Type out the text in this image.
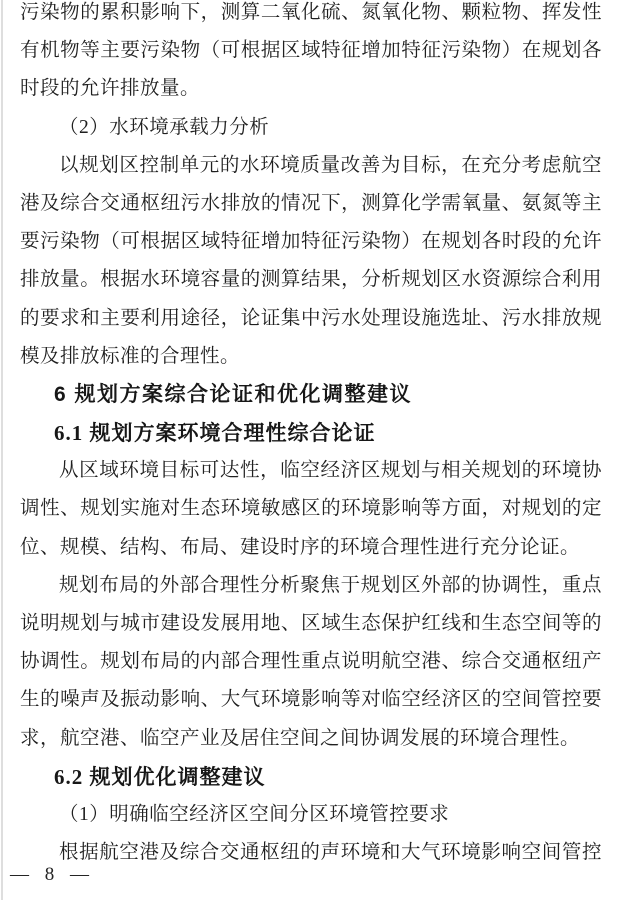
污染物的累积影响下，测算二氧化硫、氮氧化物、颗粒物、挥发性
有机物等主要污染物（可根据区域特征增加特征污染物）在规划各
时段的允许排放量。
（2）水环境承载力分析
以规划区控制单元的水环境质量改善为目标，在充分考虑航空
港及综合交通枢纽污水排放的情况下，测算化学需氧量、氨氮等主
要污染物（可根据区域特征增加特征污染物）在规划各时段的允许
排放量。根据水环境容量的测算结果，分析规划区水资源综合利用
的要求和主要利用途径，论证集中污水处理设施选址、污水排放规
模及排放标准的合理性。
6 规划方案综合论证和优化调整建议
6.1 规划方案环境合理性综合论证
从区域环境目标可达性，临空经济区规划与相关规划的环境协
调性、规划实施对生态环境敏感区的环境影响等方面，对规划的定
位、规模、结构、布局、建设时序的环境合理性进行充分论证。
规划布局的外部合理性分析聚焦于规划区外部的协调性，重点
说明规划与城市建设发展用地、区域生态保护红线和生态空间等的
协调性。规划布局的内部合理性重点说明航空港、综合交通枢纽产
生的噪声及振动影响、大气环境影响等对临空经济区的空间管控要
求，航空港、临空产业及居住空间之间协调发展的环境合理性。
6.2 规划优化调整建议
（1）明确临空经济区空间分区环境管控要求
根据航空港及综合交通枢纽的声环境和大气环境影响空间管控
— 8 —
